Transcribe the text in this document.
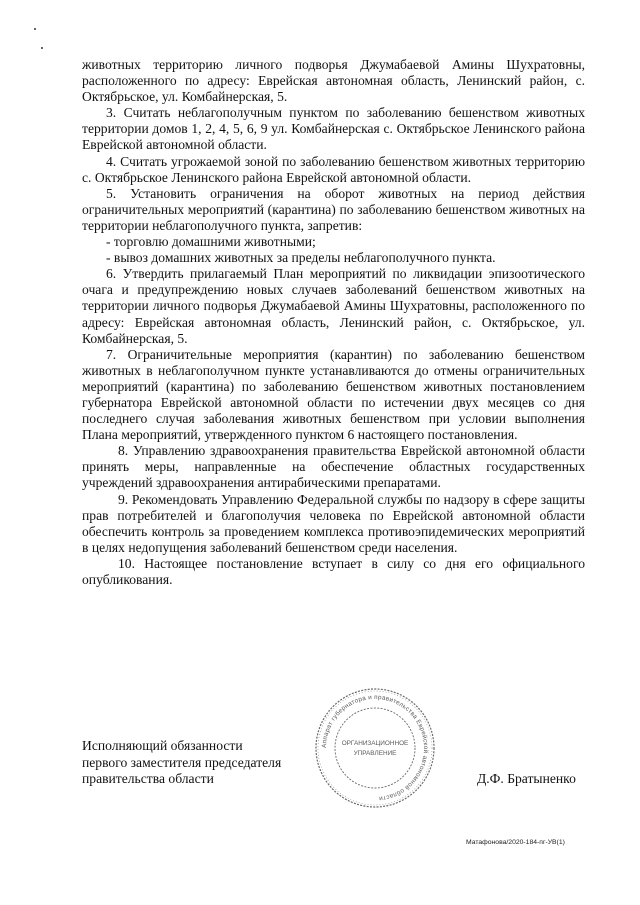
животных территорию личного подворья Джумабаевой Амины Шухратовны, расположенного по адресу: Еврейская автономная область, Ленинский район, с. Октябрьское, ул. Комбайнерская, 5.

3. Считать неблагополучным пунктом по заболеванию бешенством животных территории домов 1, 2, 4, 5, 6, 9 ул. Комбайнерская с. Октябрьское Ленинского района Еврейской автономной области.

4. Считать угрожаемой зоной по заболеванию бешенством животных территорию с. Октябрьское Ленинского района Еврейской автономной области.

5. Установить ограничения на оборот животных на период действия ограничительных мероприятий (карантина) по заболеванию бешенством животных на территории неблагополучного пункта, запретив:

- торговлю домашними животными;

- вывоз домашних животных за пределы неблагополучного пункта.

6. Утвердить прилагаемый План мероприятий по ликвидации эпизоотического очага и предупреждению новых случаев заболеваний бешенством животных на территории личного подворья Джумабаевой Амины Шухратовны, расположенного по адресу: Еврейская автономная область, Ленинский район, с. Октябрьское, ул. Комбайнерская, 5.

7. Ограничительные мероприятия (карантин) по заболеванию бешенством животных в неблагополучном пункте устанавливаются до отмены ограничительных мероприятий (карантина) по заболеванию бешенством животных постановлением губернатора Еврейской автономной области по истечении двух месяцев со дня последнего случая заболевания животных бешенством при условии выполнения Плана мероприятий, утвержденного пунктом 6 настоящего постановления.

8. Управлению здравоохранения правительства Еврейской автономной области принять меры, направленные на обеспечение областных государственных учреждений здравоохранения антирабическими препаратами.

9. Рекомендовать Управлению Федеральной службы по надзору в сфере защиты прав потребителей и благополучия человека по Еврейской автономной области обеспечить контроль за проведением комплекса противоэпидемических мероприятий в целях недопущения заболеваний бешенством среди населения.

10. Настоящее постановление вступает в силу со дня его официального опубликования.

Аппарат губернатора и правительства Еврейской автономной области
ОРГАНИЗАЦИОННОЕ
УПРАВЛЕНИЕ
Исполняющий обязанности
первого заместителя председателя
правительства области	Д.Ф. Братыненко
Матафонова/2020-184-пг-УВ(1)
